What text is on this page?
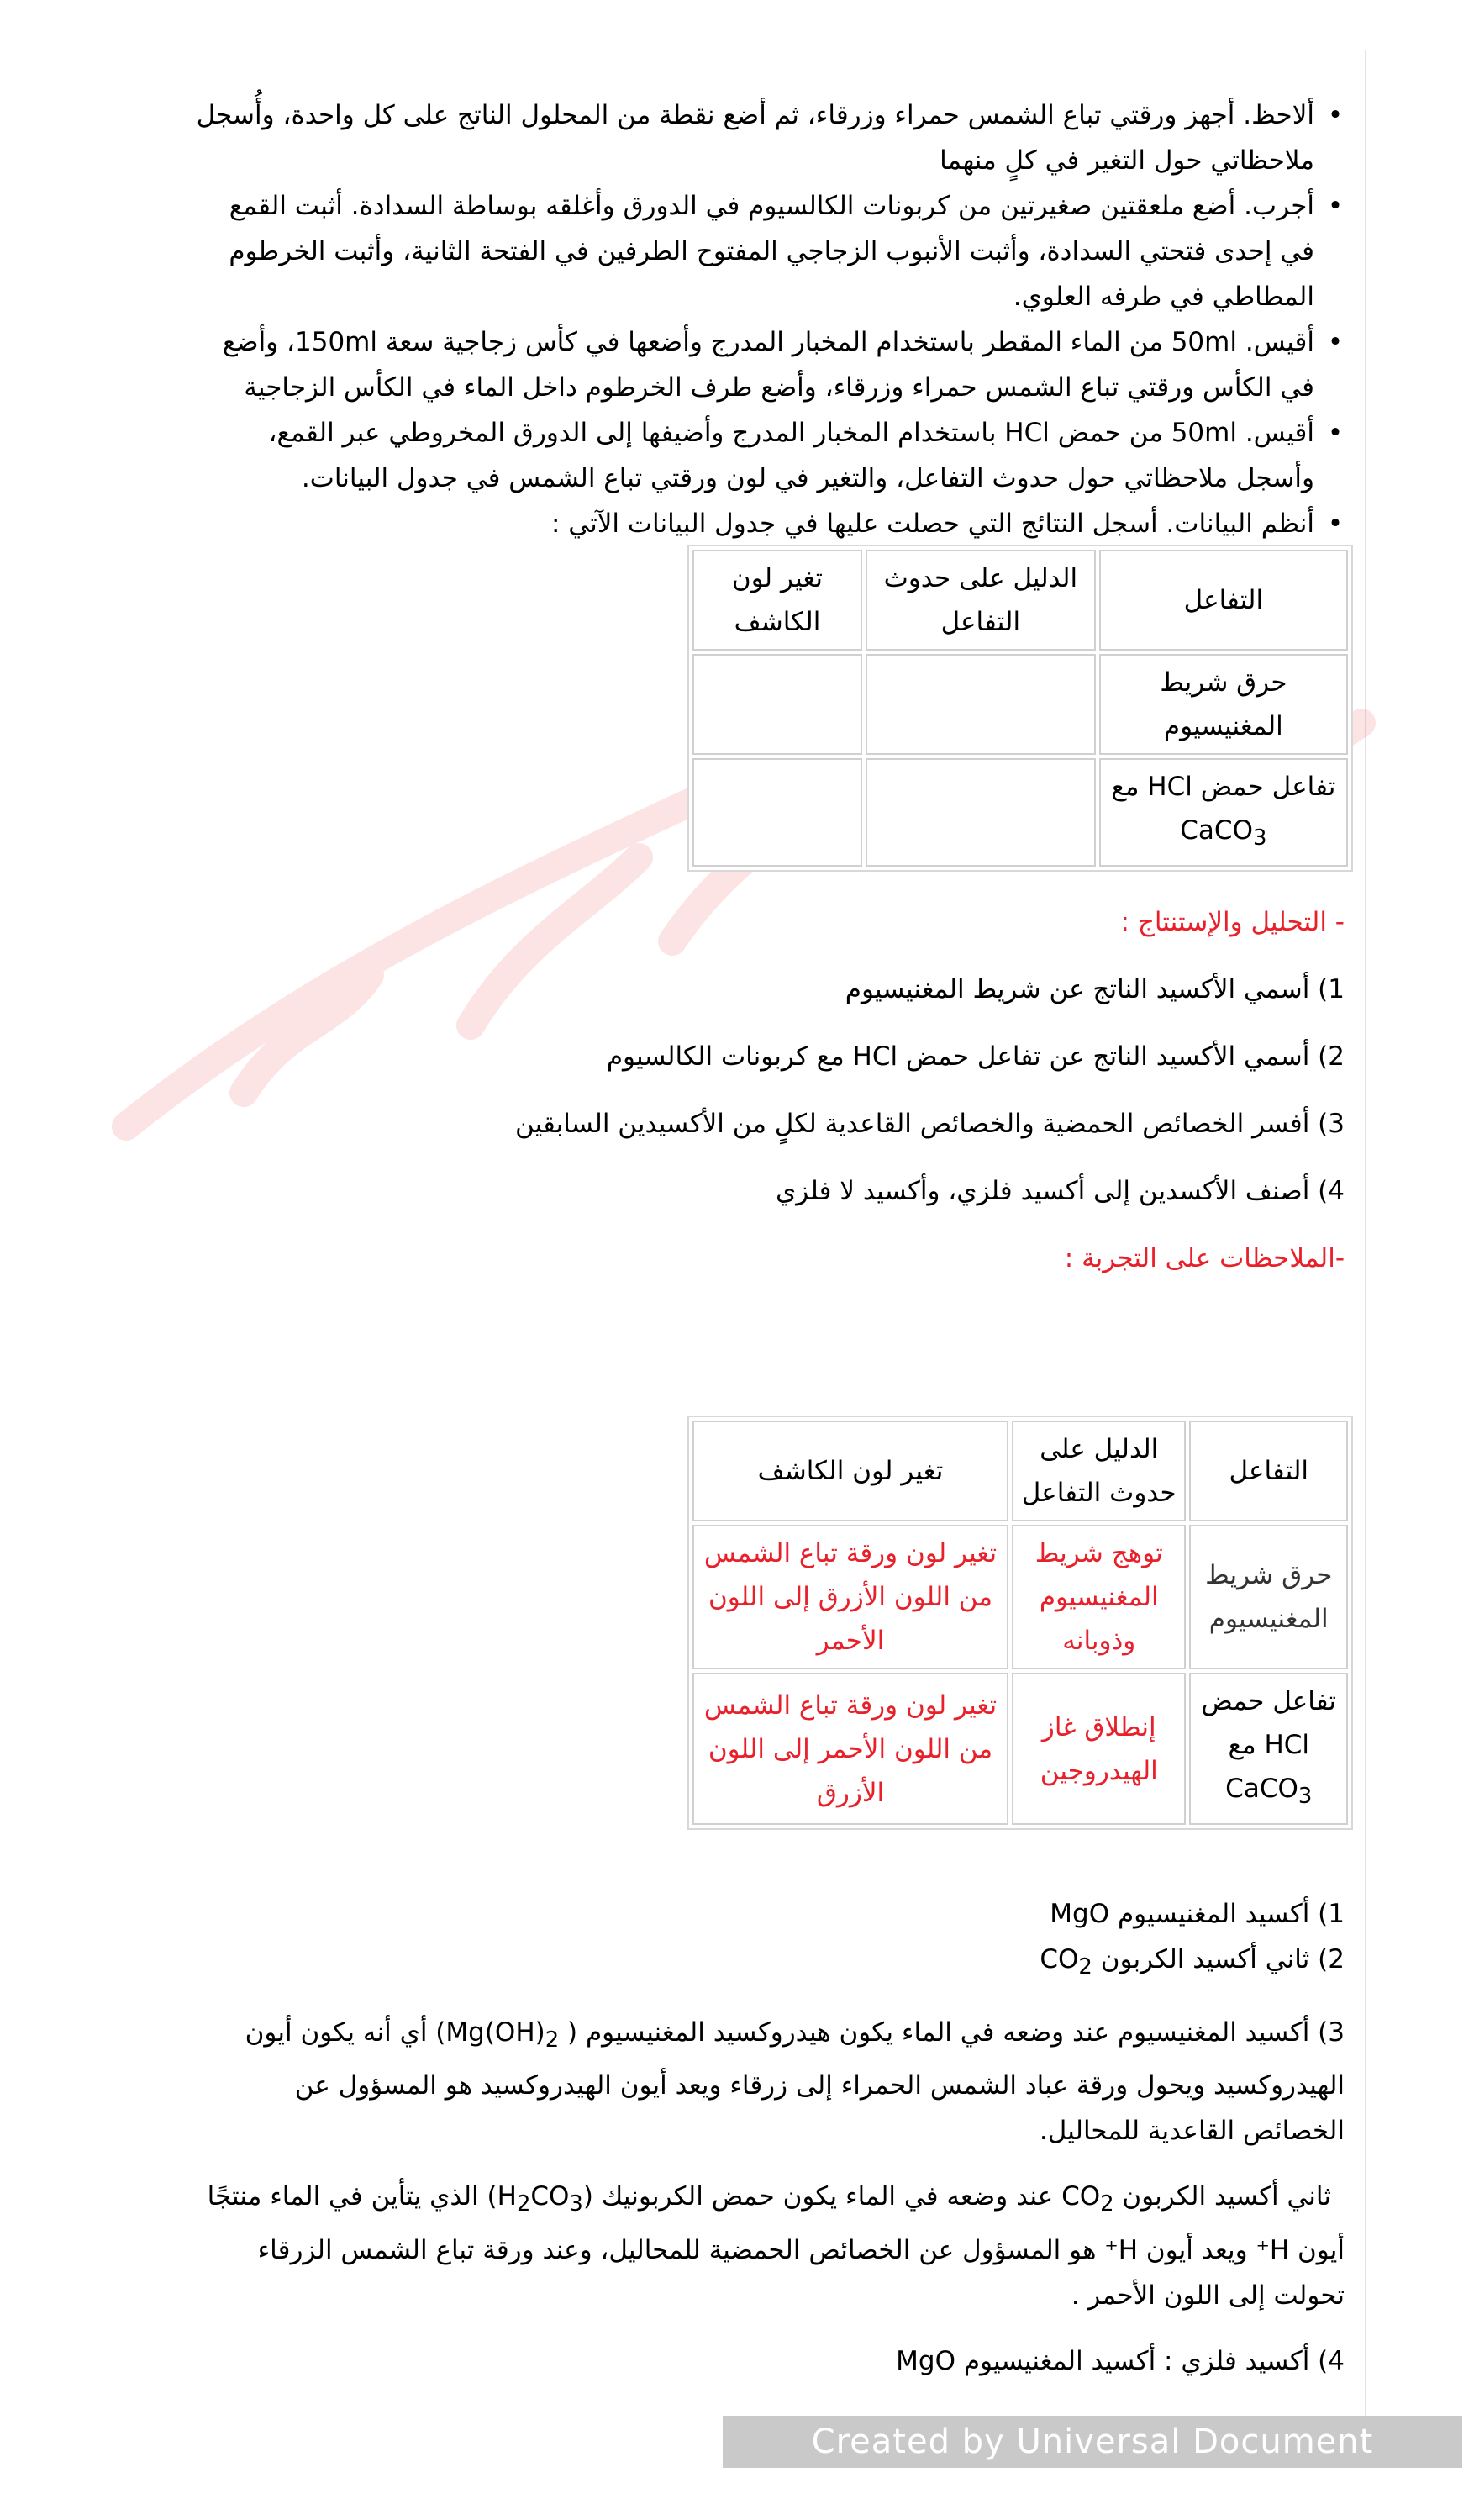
•ألاحظ. أجهز ورقتي تباع الشمس حمراء وزرقاء، ثم أضع نقطة من المحلول الناتج على كل واحدة، وأُسجل
ملاحظاتي حول التغير في كلٍ منهما
•أجرب. أضع ملعقتين صغيرتين من كربونات الكالسيوم في الدورق وأغلقه بوساطة السدادة. أثبت القمع
في إحدى فتحتي السدادة، وأثبت الأنبوب الزجاجي المفتوح الطرفين في الفتحة الثانية، وأثبت الخرطوم
المطاطي في طرفه العلوي.
•أقيس. 50ml من الماء المقطر باستخدام المخبار المدرج وأضعها في كأس زجاجية سعة 150ml، وأضع
في الكأس ورقتي تباع الشمس حمراء وزرقاء، وأضع طرف الخرطوم داخل الماء في الكأس الزجاجية
•أقيس. 50ml من حمض HCl باستخدام المخبار المدرج وأضيفها إلى الدورق المخروطي عبر القمع،
وأسجل ملاحظاتي حول حدوث التفاعل، والتغير في لون ورقتي تباع الشمس في جدول البيانات.
•أنظم البيانات. أسجل النتائج التي حصلت عليها في جدول البيانات الآتي :
التفاعل	الدليل على حدوث التفاعل	تغير لون الكاشف
حرق شريط المغنيسيوم		
تفاعل حمض HCl مع
CaCO$_3$		
- التحليل والإستنتاج :
1) أسمي الأكسيد الناتج عن شريط المغنيسيوم
2) أسمي الأكسيد الناتج عن تفاعل حمض HCl مع كربونات الكالسيوم
3) أفسر الخصائص الحمضية والخصائص القاعدية لكلٍ من الأكسيدين السابقين
4) أصنف الأكسدين إلى أكسيد فلزي، وأكسيد لا فلزي
-الملاحظات على التجربة :
التفاعل	الدليل على حدوث التفاعل	تغير لون الكاشف
حرق شريط المغنيسيوم	توهج شريط المغنيسيوم وذوبانه	تغير لون ورقة تباع الشمس من اللون الأزرق إلى اللون الأحمر
تفاعل حمض HCl مع
CaCO$_3$	إنطلاق غاز الهيدروجين	تغير لون ورقة تباع الشمس من اللون الأحمر إلى اللون الأزرق
1) أكسيد المغنيسيوم MgO
2) ثاني أكسيد الكربون $CO_2$
3) أكسيد المغنيسيوم عند وضعه في الماء يكون هيدروكسيد المغنيسيوم ( $Mg(OH)_2$) أي أنه يكون أيون
الهيدروكسيد ويحول ورقة عباد الشمس الحمراء إلى زرقاء ويعد أيون الهيدروكسيد هو المسؤول عن
الخصائص القاعدية للمحاليل.
ثاني أكسيد الكربون $CO_2$ عند وضعه في الماء يكون حمض الكربونيك $(H_2CO_3)$ الذي يتأين في الماء منتجًا
أيون H⁺ ويعد أيون H⁺ هو المسؤول عن الخصائص الحمضية للمحاليل، وعند ورقة تباع الشمس الزرقاء
تحولت إلى اللون الأحمر .
4) أكسيد فلزي : أكسيد المغنيسيوم MgO
Created by Universal Document Converter
